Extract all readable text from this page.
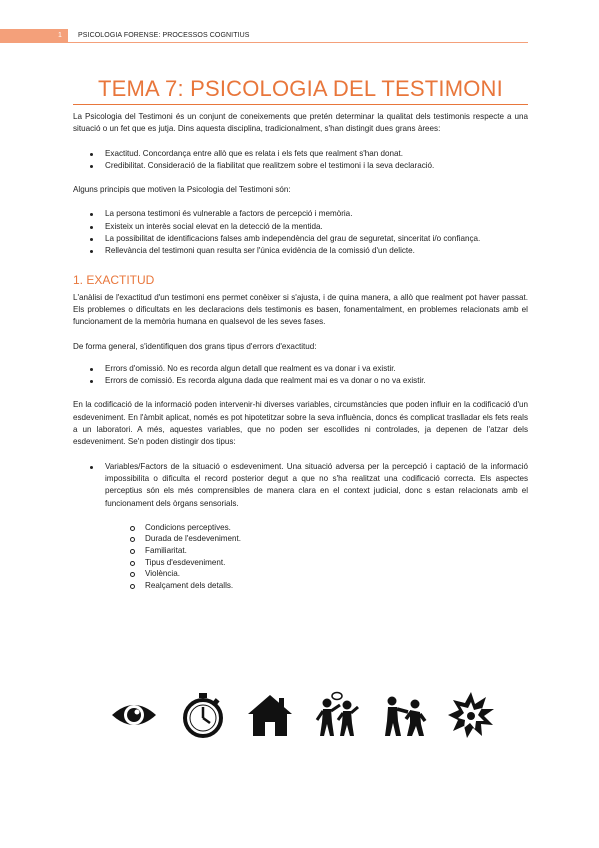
1 PSICOLOGIA FORENSE: PROCESSOS COGNITIUS
TEMA 7: PSICOLOGIA DEL TESTIMONI

La Psicologia del Testimoni és un conjunt de coneixements que pretén determinar la qualitat dels testimonis respecte a una situació o un fet que es jutja. Dins aquesta disciplina, tradicionalment, s'han distingit dues grans àrees:

Exactitud. Concordança entre allò que es relata i els fets que realment s'han donat.
Credibilitat. Consideració de la fiabilitat que realitzem sobre el testimoni i la seva declaració.

Alguns principis que motiven la Psicologia del Testimoni són:

La persona testimoni és vulnerable a factors de percepció i memòria.
Existeix un interès social elevat en la detecció de la mentida.
La possibilitat de identificacions falses amb independència del grau de seguretat, sinceritat i/o confiança.
Rellevància del testimoni quan resulta ser l'única evidència de la comissió d'un delicte.
1. EXACTITUD

L'anàlisi de l'exactitud d'un testimoni ens permet conèixer si s'ajusta, i de quina manera, a allò que realment pot haver passat. Els problemes o dificultats en les declaracions dels testimonis es basen, fonamentalment, en problemes relacionats amb el funcionament de la memòria humana en qualsevol de les seves fases.

De forma general, s'identifiquen dos grans tipus d'errors d'exactitud:

Errors d'omissió. No es recorda algun detall que realment es va donar i va existir.
Errors de comissió. Es recorda alguna dada que realment mai es va donar o no va existir.

En la codificació de la informació poden intervenir-hi diverses variables, circumstàncies que poden influir en la codificació d'un esdeveniment. En l'àmbit aplicat, només es pot hipotetitzar sobre la seva influència, doncs és complicat traslladar els fets reals a un laboratori. A més, aquestes variables, que no poden ser escollides ni controlades, ja depenen de l'atzar dels esdeveniment. Se'n poden distingir dos tipus:

Variables/Factors de la situació o esdeveniment. Una situació adversa per la percepció i captació de la informació impossibilita o dificulta el record posterior degut a que no s'ha realitzat una codificació correcta. Els aspectes perceptius són els més comprensibles de manera clara en el context judicial, donc s estan relacionats amb el funcionament dels òrgans sensorials.
Condicions perceptives.
Durada de l'esdeveniment.
Familiaritat.
Tipus d'esdeveniment.
Violència.
Realçament dels detalls.
